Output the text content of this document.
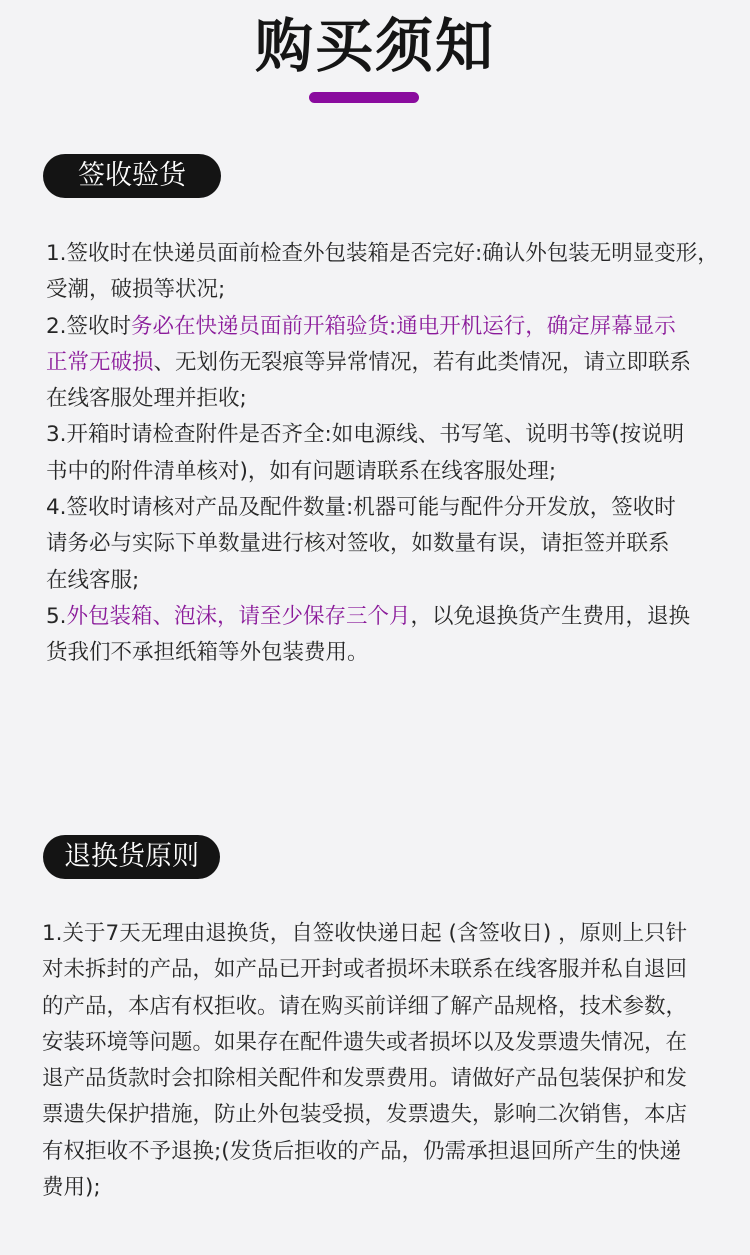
购买须知
签收验货
1.签收时在快递员面前检查外包装箱是否完好:确认外包装无明显变形，
受潮，破损等状况;
2.签收时务必在快递员面前开箱验货:通电开机运行，确定屏幕显示
正常无破损、无划伤无裂痕等异常情况，若有此类情况，请立即联系
在线客服处理并拒收;
3.开箱时请检查附件是否齐全:如电源线、书写笔、说明书等(按说明
书中的附件清单核对)，如有问题请联系在线客服处理;
4.签收时请核对产品及配件数量:机器可能与配件分开发放，签收时
请务必与实际下单数量进行核对签收，如数量有误，请拒签并联系
在线客服;
5.外包装箱、泡沫，请至少保存三个月，以免退换货产生费用，退换
货我们不承担纸箱等外包装费用。
退换货原则
1.关于7天无理由退换货，自签收快递日起 (含签收日) ，原则上只针
对未拆封的产品，如产品已开封或者损坏未联系在线客服并私自退回
的产品，本店有权拒收。请在购买前详细了解产品规格，技术参数，
安装环境等问题。如果存在配件遗失或者损坏以及发票遗失情况，在
退产品货款时会扣除相关配件和发票费用。请做好产品包装保护和发
票遗失保护措施，防止外包装受损，发票遗失，影响二次销售，本店
有权拒收不予退换;(发货后拒收的产品，仍需承担退回所产生的快递
费用);
